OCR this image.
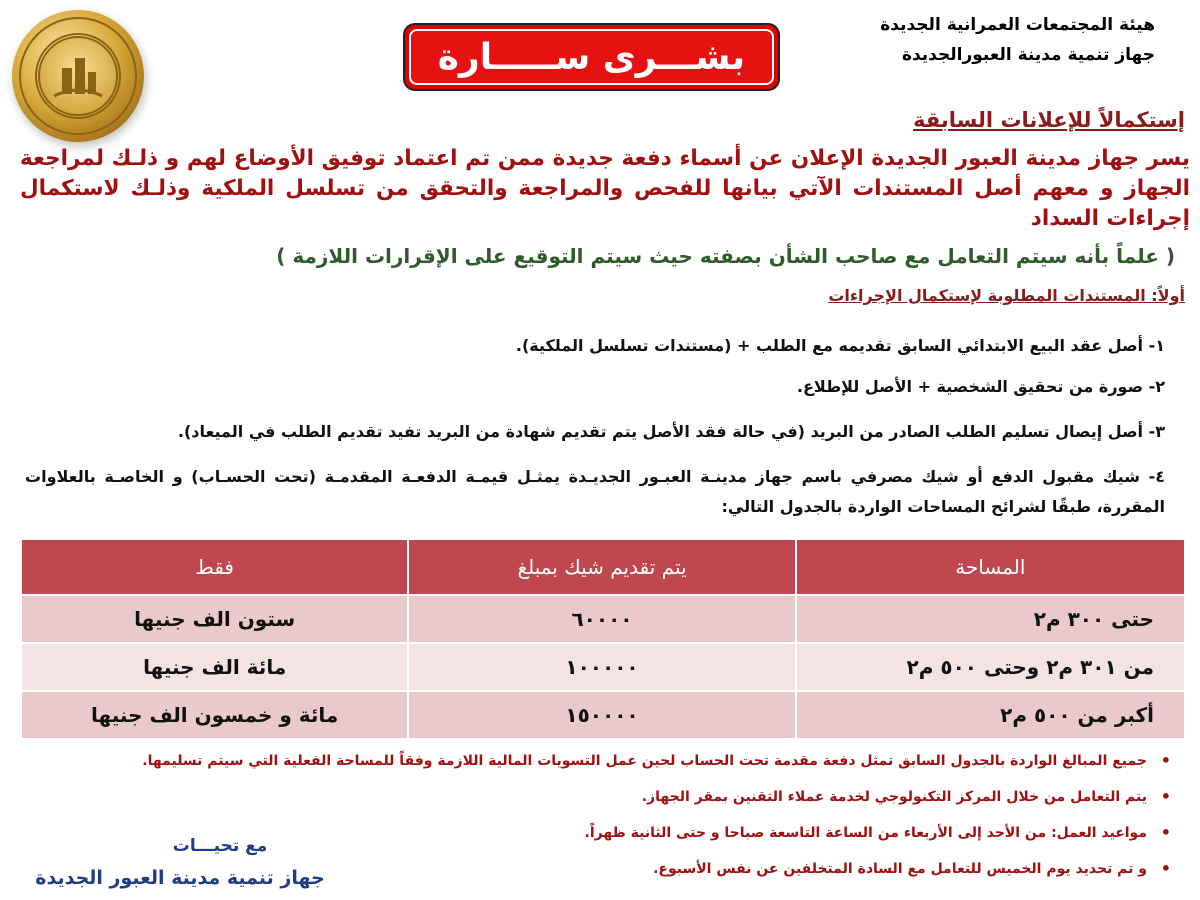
هيئة المجتمعات العمرانية الجديدة
جهاز تنمية مدينة العبورالجديدة
بشـــرى ســـــارة
إستكمالاً للإعلانات السابقة
يسر جهاز مدينة العبور الجديدة الإعلان عن أسماء دفعة جديدة ممن تم اعتماد توفيق الأوضاع لهم و ذلـك لمراجعة الجهاز و معهم أصل المستندات الآتي بيانها للفحص والمراجعة والتحقق من تسلسل الملكية وذلـك لاستكمال إجراءات السداد
( علماً بأنه سيتم التعامل مع صاحب الشأن بصفته حيث سيتم التوقيع على الإقرارات اللازمة )
أولاً: المستندات المطلوبة لإستكمال الإجراءات
١- أصل عقد البيع الابتدائي السابق تقديمه مع الطلب + (مستندات تسلسل الملكية).
٢- صورة من تحقيق الشخصية + الأصل للإطلاع.
٣- أصل إيصال تسليم الطلب الصادر من البريد (في حالة فقد الأصل يتم تقديم شهادة من البريد تفيد تقديم الطلب في الميعاد).
٤- شيك مقبول الدفع أو شيك مصرفي باسم جهاز مدينـة العبـور الجديـدة يمثـل قيمـة الدفعـة المقدمـة (تحت الحسـاب) و الخاصـة بالعلاوات المقررة، طبقًا لشرائح المساحات الواردة بالجدول التالي:
المساحة	يتم تقديم شيك بمبلغ	فقط
حتى ٣٠٠ م٢	٦٠٠٠٠	ستون الف جنيها
من ٣٠١ م٢ وحتى ٥٠٠ م٢	١٠٠٠٠٠	مائة الف جنيها
أكبر من ٥٠٠ م٢	١٥٠٠٠٠	مائة و خمسون الف جنيها
•
جميع المبالغ الواردة بالجدول السابق تمثل دفعة مقدمة تحت الحساب لحين عمل التسويات المالية اللازمة وفقاً للمساحة الفعلية التي سيتم تسليمها.
•
يتم التعامل من خلال المركز التكنولوجي لخدمة عملاء التقنين بمقر الجهاز.
•
مواعيد العمل: من الأحد إلى الأربعاء من الساعة التاسعة صباحا و حتى الثانية ظهراً.
•
و تم تحديد يوم الخميس للتعامل مع السادة المتخلفين عن نفس الأسبوع.
مع تحيـــات
جهاز تنمية مدينة العبور الجديدة
